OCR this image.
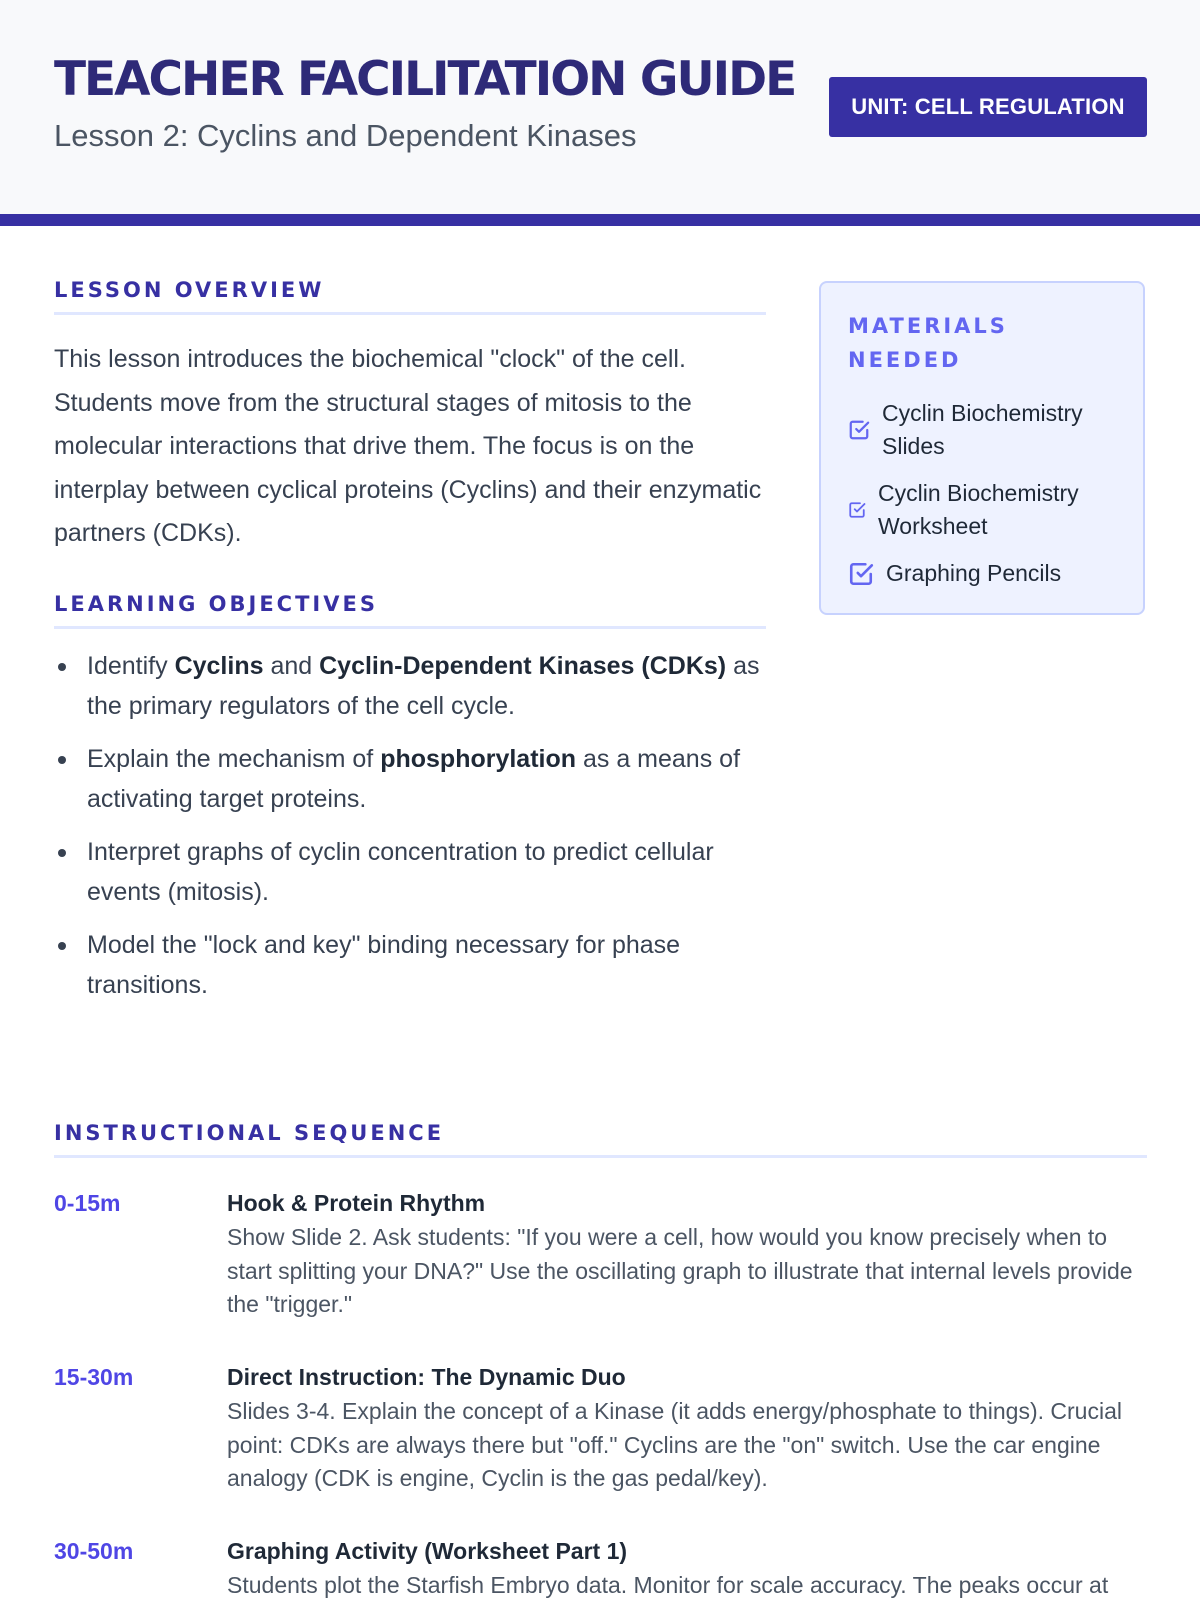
TEACHER FACILITATION GUIDE
Lesson 2: Cyclins and Dependent Kinases
UNIT: CELL REGULATION
LESSON OVERVIEW

This lesson introduces the biochemical "clock" of the cell. Students move from the structural stages of mitosis to the molecular interactions that drive them. The focus is on the interplay between cyclical proteins (Cyclins) and their enzymatic partners (CDKs).

LEARNING OBJECTIVES
Identify Cyclins and Cyclin-Dependent Kinases (CDKs) as the primary regulators of the cell cycle.
Explain the mechanism of phosphorylation as a means of activating target proteins.
Interpret graphs of cyclin concentration to predict cellular events (mitosis).
Model the "lock and key" binding necessary for phase transitions.
MATERIALS NEEDED
Cyclin Biochemistry Slides
Cyclin Biochemistry Worksheet
Graphing Pencils
INSTRUCTIONAL SEQUENCE
0-15m	Hook & Protein Rhythm

Show Slide 2. Ask students: "If you were a cell, how would you know precisely when to start splitting your DNA?" Use the oscillating graph to illustrate that internal levels provide the "trigger."

15-30m	Direct Instruction: The Dynamic Duo

Slides 3-4. Explain the concept of a Kinase (it adds energy/phosphate to things). Crucial point: CDKs are always there but "off." Cyclins are the "on" switch. Use the car engine analogy (CDK is engine, Cyclin is the gas pedal/key).

30-50m	Graphing Activity (Worksheet Part 1)

Students plot the Starfish Embryo data. Monitor for scale accuracy. The peaks occur at
